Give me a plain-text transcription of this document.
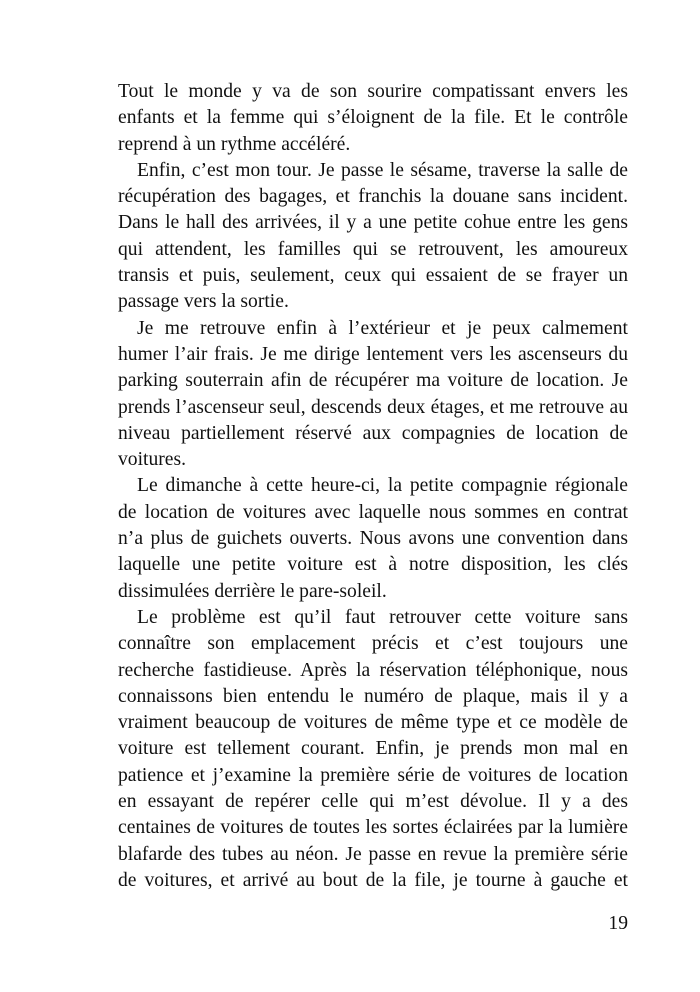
Tout le monde y va de son sourire compatissant envers les
enfants et la femme qui s’éloignent de la file. Et le contrôle
reprend à un rythme accéléré.
Enfin, c’est mon tour. Je passe le sésame, traverse la salle de
récupération des bagages, et franchis la douane sans incident.
Dans le hall des arrivées, il y a une petite cohue entre les gens
qui attendent, les familles qui se retrouvent, les amoureux
transis et puis, seulement, ceux qui essaient de se frayer un
passage vers la sortie.
Je me retrouve enfin à l’extérieur et je peux calmement
humer l’air frais. Je me dirige lentement vers les ascenseurs du
parking souterrain afin de récupérer ma voiture de location. Je
prends l’ascenseur seul, descends deux étages, et me retrouve au
niveau partiellement réservé aux compagnies de location de
voitures.
Le dimanche à cette heure-ci, la petite compagnie régionale
de location de voitures avec laquelle nous sommes en contrat
n’a plus de guichets ouverts. Nous avons une convention dans
laquelle une petite voiture est à notre disposition, les clés
dissimulées derrière le pare-soleil.
Le problème est qu’il faut retrouver cette voiture sans
connaître son emplacement précis et c’est toujours une
recherche fastidieuse. Après la réservation téléphonique, nous
connaissons bien entendu le numéro de plaque, mais il y a
vraiment beaucoup de voitures de même type et ce modèle de
voiture est tellement courant. Enfin, je prends mon mal en
patience et j’examine la première série de voitures de location
en essayant de repérer celle qui m’est dévolue. Il y a des
centaines de voitures de toutes les sortes éclairées par la lumière
blafarde des tubes au néon. Je passe en revue la première série
de voitures, et arrivé au bout de la file, je tourne à gauche et
19
